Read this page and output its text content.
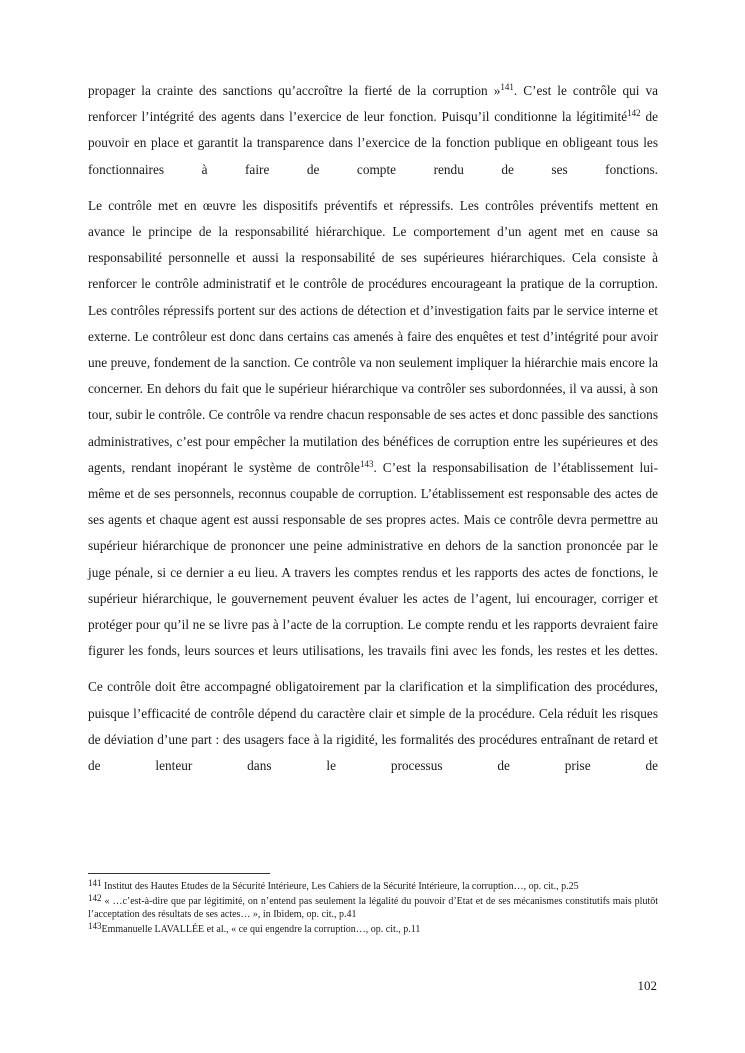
propager la crainte des sanctions qu’accroître la fierté de la corruption »$^{141}$. C’est le contrôle qui va renforcer l’intégrité des agents dans l’exercice de leur fonction. Puisqu’il conditionne la légitimité$^{142}$ de pouvoir en place et garantit la transparence dans l’exercice de la fonction publique en obligeant tous les fonctionnaires à faire de compte rendu de ses fonctions.

Le contrôle met en œuvre les dispositifs préventifs et répressifs. Les contrôles préventifs mettent en avance le principe de la responsabilité hiérarchique. Le comportement d’un agent met en cause sa responsabilité personnelle et aussi la responsabilité de ses supérieures hiérarchiques. Cela consiste à renforcer le contrôle administratif et le contrôle de procédures encourageant la pratique de la corruption. Les contrôles répressifs portent sur des actions de détection et d’investigation faits par le service interne et externe. Le contrôleur est donc dans certains cas amenés à faire des enquêtes et test d’intégrité pour avoir une preuve, fondement de la sanction. Ce contrôle va non seulement impliquer la hiérarchie mais encore la concerner. En dehors du fait que le supérieur hiérarchique va contrôler ses subordonnées, il va aussi, à son tour, subir le contrôle. Ce contrôle va rendre chacun responsable de ses actes et donc passible des sanctions administratives, c’est pour empêcher la mutilation des bénéfices de corruption entre les supérieures et des agents, rendant inopérant le système de contrôle$^{143}$. C’est la responsabilisation de l’établissement lui-même et de ses personnels, reconnus coupable de corruption. L’établissement est responsable des actes de ses agents et chaque agent est aussi responsable de ses propres actes. Mais ce contrôle devra permettre au supérieur hiérarchique de prononcer une peine administrative en dehors de la sanction prononcée par le juge pénale, si ce dernier a eu lieu. A travers les comptes rendus et les rapports des actes de fonctions, le supérieur hiérarchique, le gouvernement peuvent évaluer les actes de l’agent, lui encourager, corriger et protéger pour qu’il ne se livre pas à l’acte de la corruption. Le compte rendu et les rapports devraient faire figurer les fonds, leurs sources et leurs utilisations, les travails fini avec les fonds, les restes et les dettes.

Ce contrôle doit être accompagné obligatoirement par la clarification et la simplification des procédures, puisque l’efficacité de contrôle dépend du caractère clair et simple de la procédure. Cela réduit les risques de déviation d’une part : des usagers face à la rigidité, les formalités des procédures entraînant de retard et de lenteur dans le processus de prise de

$^{141}$ Institut des Hautes Etudes de la Sécurité Intérieure, Les Cahiers de la Sécurité Intérieure, la corruption…, op. cit., p.25

$^{142}$ « …c’est-à-dire que par légitimité, on n’entend pas seulement la légalité du pouvoir d’Etat et de ses mécanismes constitutifs mais plutôt l’acceptation des résultats de ses actes… », in Ibidem, op. cit., p.41

$^{143}$Emmanuelle LAVALLÉE et al., « ce qui engendre la corruption…, op. cit., p.11

102
